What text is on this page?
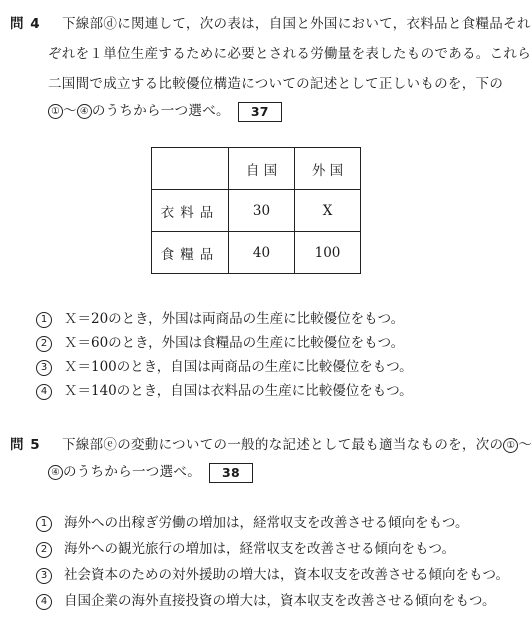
問 4 下線部ⓓに関連して，次の表は，自国と外国において，衣料品と食糧品それ
ぞれを１単位生産するために必要とされる労働量を表したものである。これら
二国間で成立する比較優位構造についての記述として正しいものを，下の
① 〜 ④ のうちから一つ選べ。 37
	自 国	外 国
衣料品	30	X
食糧品	40	100
1 Ｘ＝20のとき，外国は両商品の生産に比較優位をもつ。
2 Ｘ＝60のとき，外国は食糧品の生産に比較優位をもつ。
3 Ｘ＝100のとき，自国は両商品の生産に比較優位をもつ。
4 Ｘ＝140のとき，自国は衣料品の生産に比較優位をもつ。
問 5 下線部ⓔの変動についての一般的な記述として最も適当なものを，次の ① 〜
④ のうちから一つ選べ。 38
1 海外への出稼ぎ労働の増加は，経常収支を改善させる傾向をもつ。
2 海外への観光旅行の増加は，経常収支を改善させる傾向をもつ。
3 社会資本のための対外援助の増大は，資本収支を改善させる傾向をもつ。
4 自国企業の海外直接投資の増大は，資本収支を改善させる傾向をもつ。
